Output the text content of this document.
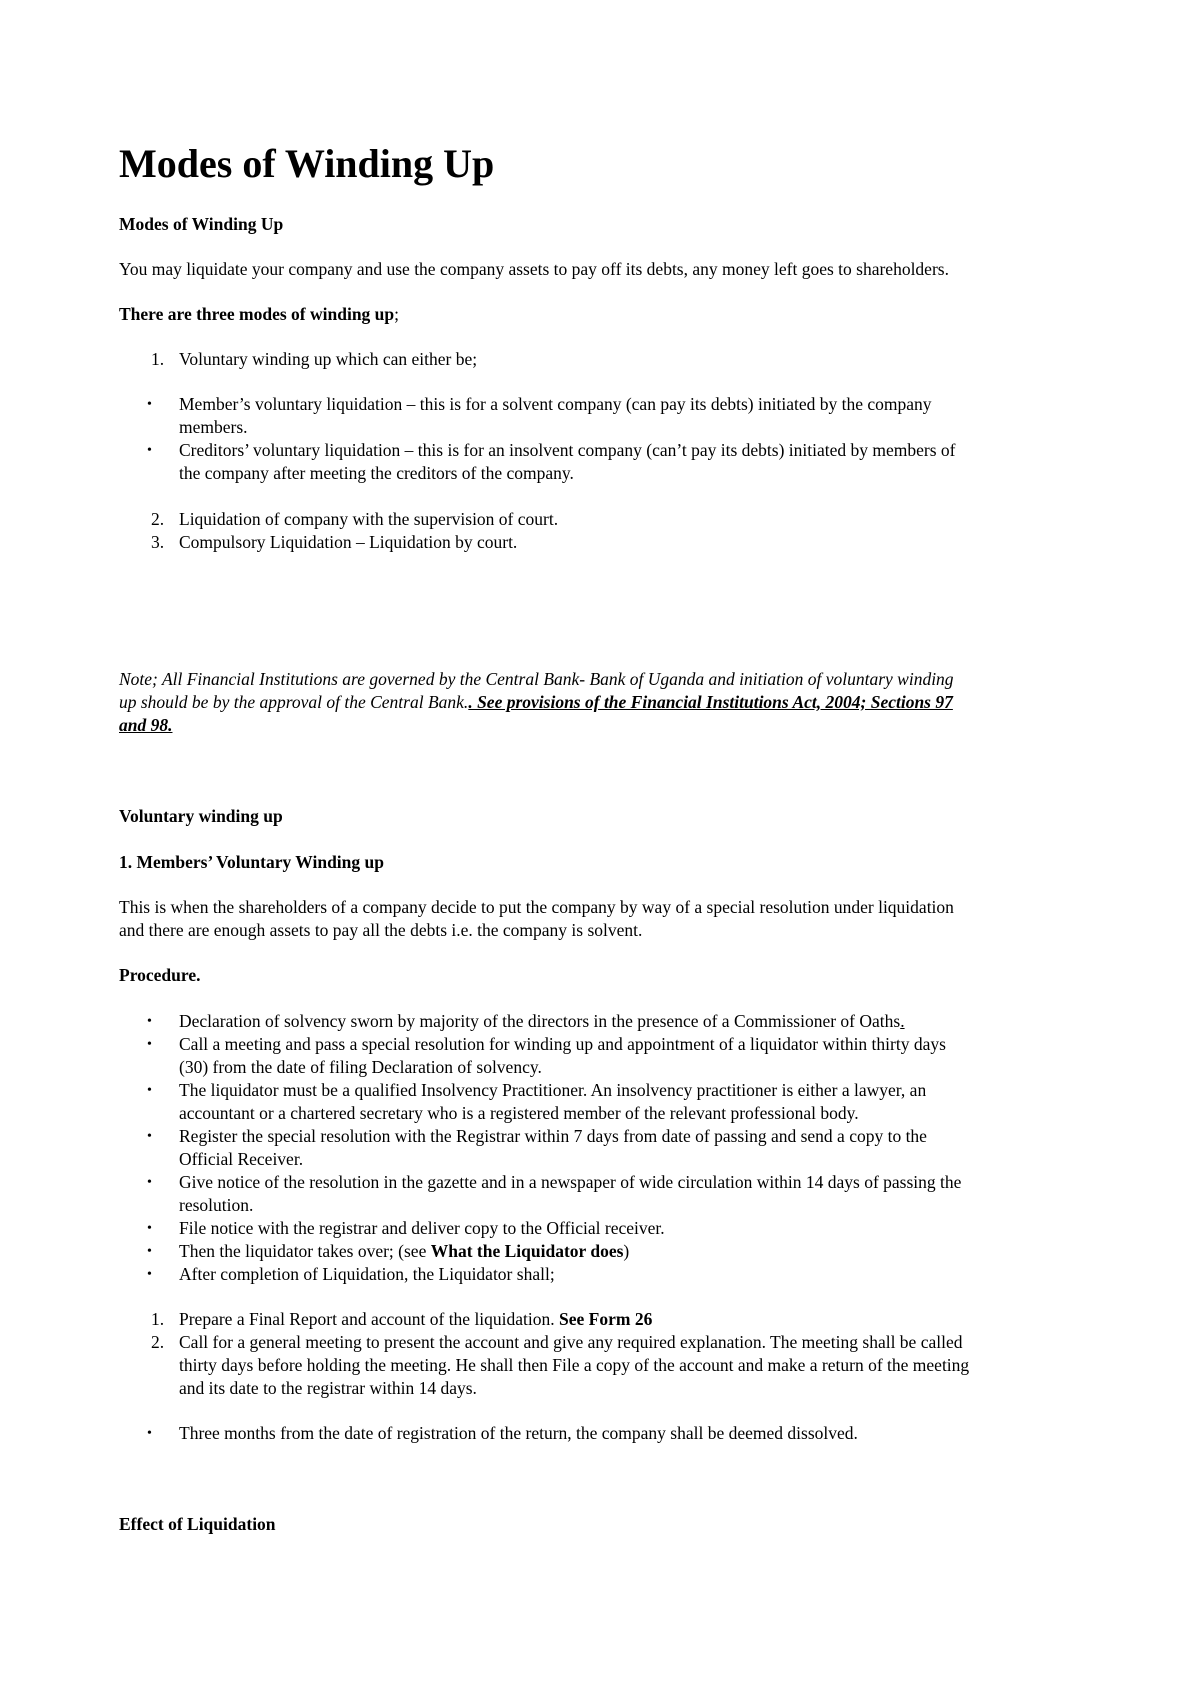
Modes of Winding Up
Modes of Winding Up
You may liquidate your company and use the company assets to pay off its debts, any money left goes to shareholders.
There are three modes of winding up;
1. Voluntary winding up which can either be;
• Member’s voluntary liquidation – this is for a solvent company (can pay its debts) initiated by the company
members.
• Creditors’ voluntary liquidation – this is for an insolvent company (can’t pay its debts) initiated by members of
the company after meeting the creditors of the company.
2. Liquidation of company with the supervision of court.
3. Compulsory Liquidation – Liquidation by court.
Note; All Financial Institutions are governed by the Central Bank- Bank of Uganda and initiation of voluntary winding
up should be by the approval of the Central Bank.. See provisions of the Financial Institutions Act, 2004; Sections 97
and 98.
Voluntary winding up
1. Members’ Voluntary Winding up
This is when the shareholders of a company decide to put the company by way of a special resolution under liquidation
and there are enough assets to pay all the debts i.e. the company is solvent.
Procedure.
• Declaration of solvency sworn by majority of the directors in the presence of a Commissioner of Oaths.
• Call a meeting and pass a special resolution for winding up and appointment of a liquidator within thirty days
(30) from the date of filing Declaration of solvency.
• The liquidator must be a qualified Insolvency Practitioner. An insolvency practitioner is either a lawyer, an
accountant or a chartered secretary who is a registered member of the relevant professional body.
• Register the special resolution with the Registrar within 7 days from date of passing and send a copy to the
Official Receiver.
• Give notice of the resolution in the gazette and in a newspaper of wide circulation within 14 days of passing the
resolution.
• File notice with the registrar and deliver copy to the Official receiver.
• Then the liquidator takes over; (see What the Liquidator does)
• After completion of Liquidation, the Liquidator shall;
1. Prepare a Final Report and account of the liquidation. See Form 26
2. Call for a general meeting to present the account and give any required explanation. The meeting shall be called
thirty days before holding the meeting. He shall then File a copy of the account and make a return of the meeting
and its date to the registrar within 14 days.
• Three months from the date of registration of the return, the company shall be deemed dissolved.
Effect of Liquidation
